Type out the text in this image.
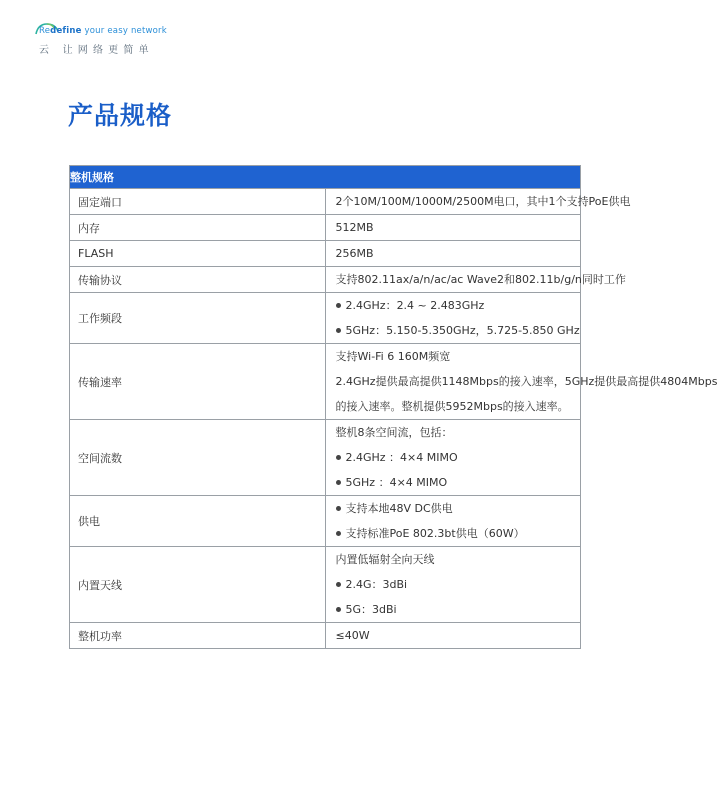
Redefine your easy network
云 让网络更简单
产品规格
整机规格	
固定端口	2个10M/100M/1000M/2500M电口，其中1个支持PoE供电

内存	512MB

FLASH	256MB

传输协议	支持802.11ax/a/n/ac/ac Wave2和802.11b/g/n同时工作

工作频段	2.4GHz：2.4 ~ 2.483GHz
5GHz：5.150-5.350GHz，5.725-5.850 GHz

传输速率	支持Wi-Fi 6 160M频宽
2.4GHz提供最高提供1148Mbps的接入速率，5GHz提供最高提供4804Mbps
的接入速率。整机提供5952Mbps的接入速率。

空间流数	整机8条空间流，包括：
2.4GHz ：4×4 MIMO
5GHz ：4×4 MIMO

供电	支持本地48V DC供电
支持标准PoE 802.3bt供电（60W）

内置天线	内置低辐射全向天线
2.4G：3dBi
5G：3dBi

整机功率	≤40W
